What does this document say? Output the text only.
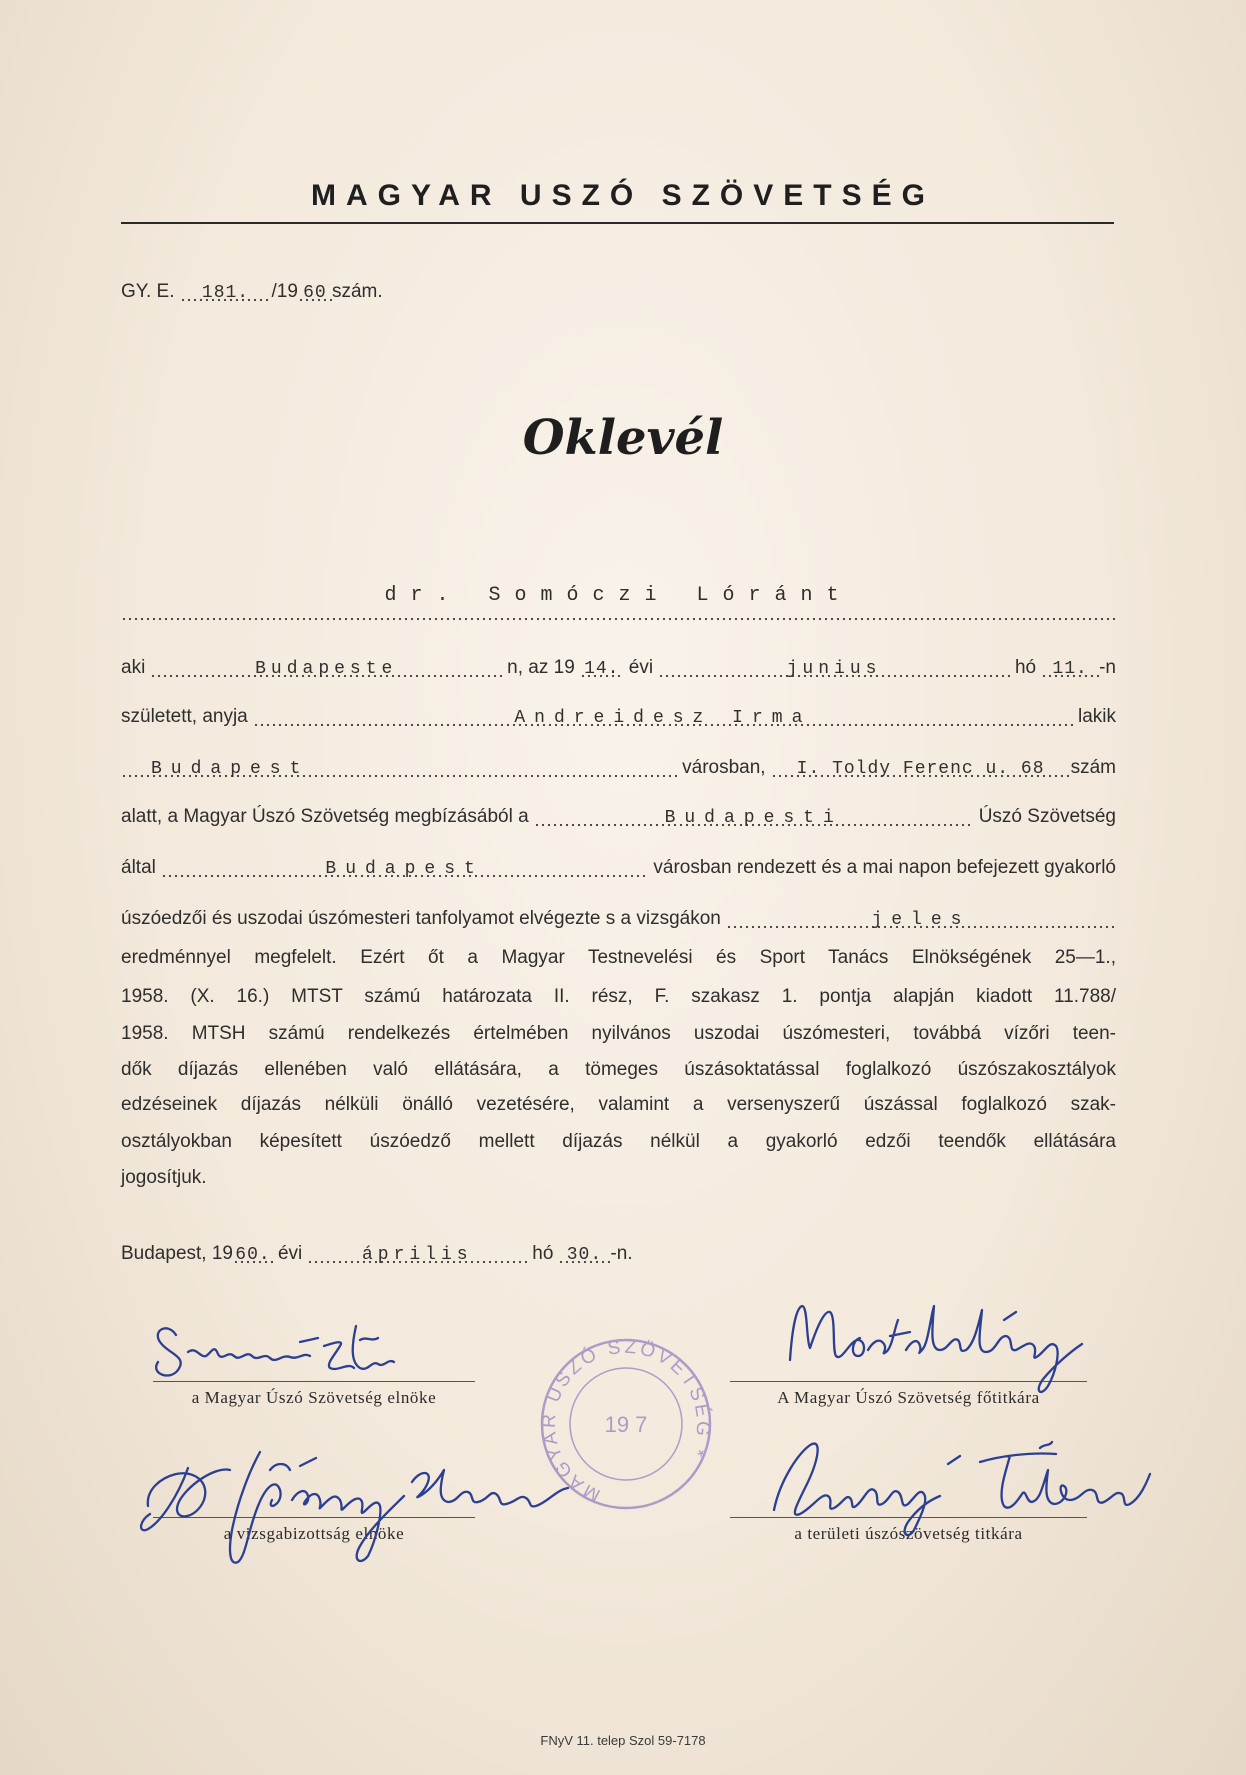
MAGYAR USZÓ SZÖVETSÉG
GY. E.	181.	/19 60 szám.
Oklevél
dr. Somóczi Lóránt
aki	Budapeste	n, az 19 14. évi	junius	hó 11. -n
született, anyja	Andreidesz Irma	lakik
Budapest	városban,	I. Toldy Ferenc u. 68	szám
alatt, a Magyar Úszó Szövetség megbízásából a	Budapesti	Úszó Szövetség
által	Budapest	városban rendezett és a mai napon befejezett gyakorló
úszóedzői és uszodai úszómesteri tanfolyamot elvégezte s a vizsgákon	jeles
eredménnyel megfelelt. Ezért őt a Magyar Testnevelési és Sport Tanács Elnökségének 25—1.,
1958. (X. 16.) MTST számú határozata II. rész, F. szakasz 1. pontja alapján kiadott 11.788/
1958. MTSH számú rendelkezés értelmében nyilvános uszodai úszómesteri, továbbá vízőri teen-
dők díjazás ellenében való ellátására, a tömeges úszásoktatással foglalkozó úszószakosztályok
edzéseinek díjazás nélküli önálló vezetésére, valamint a versenyszerű úszással foglalkozó szak-
osztályokban képesített úszóedző mellett díjazás nélkül a gyakorló edzői teendők ellátására
jogosítjuk.
Budapest, 19 60. évi	április	hó 30. -n.
a Magyar Úszó Szövetség elnöke	A Magyar Úszó Szövetség főtitkára
a vizsgabizottság elnöke	a területi úszószövetség titkára
FNyV 11. telep Szol 59-7178
MAGYAR USZÓ SZÖVETSÉG *
19 7
